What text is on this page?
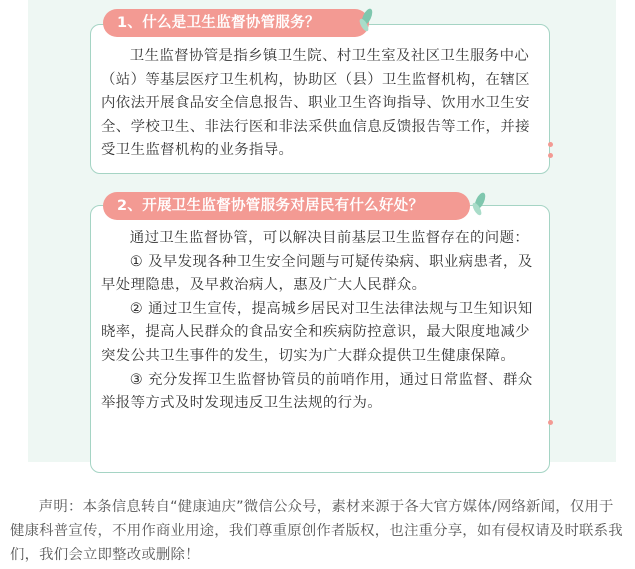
卫生监督协管是指乡镇卫生院、村卫生室及社区卫生服务中心（站）等基层医疗卫生机构，协助区（县）卫生监督机构，在辖区内依法开展食品安全信息报告、职业卫生咨询指导、饮用水卫生安全、学校卫生、非法行医和非法采供血信息反馈报告等工作，并接受卫生监督机构的业务指导。

1、什么是卫生监督协管服务？

通过卫生监督协管，可以解决目前基层卫生监督存在的问题：

① 及早发现各种卫生安全问题与可疑传染病、职业病患者，及早处理隐患，及早救治病人，惠及广大人民群众。

② 通过卫生宣传，提高城乡居民对卫生法律法规与卫生知识知晓率，提高人民群众的食品安全和疾病防控意识，最大限度地减少突发公共卫生事件的发生，切实为广大群众提供卫生健康保障。

③ 充分发挥卫生监督协管员的前哨作用，通过日常监督、群众举报等方式及时发现违反卫生法规的行为。

2、开展卫生监督协管服务对居民有什么好处？

声明：本条信息转自“健康迪庆”微信公众号，素材来源于各大官方媒体/网络新闻，仅用于健康科普宣传，不用作商业用途，我们尊重原创作者版权，也注重分享，如有侵权请及时联系我们，我们会立即整改或删除！
